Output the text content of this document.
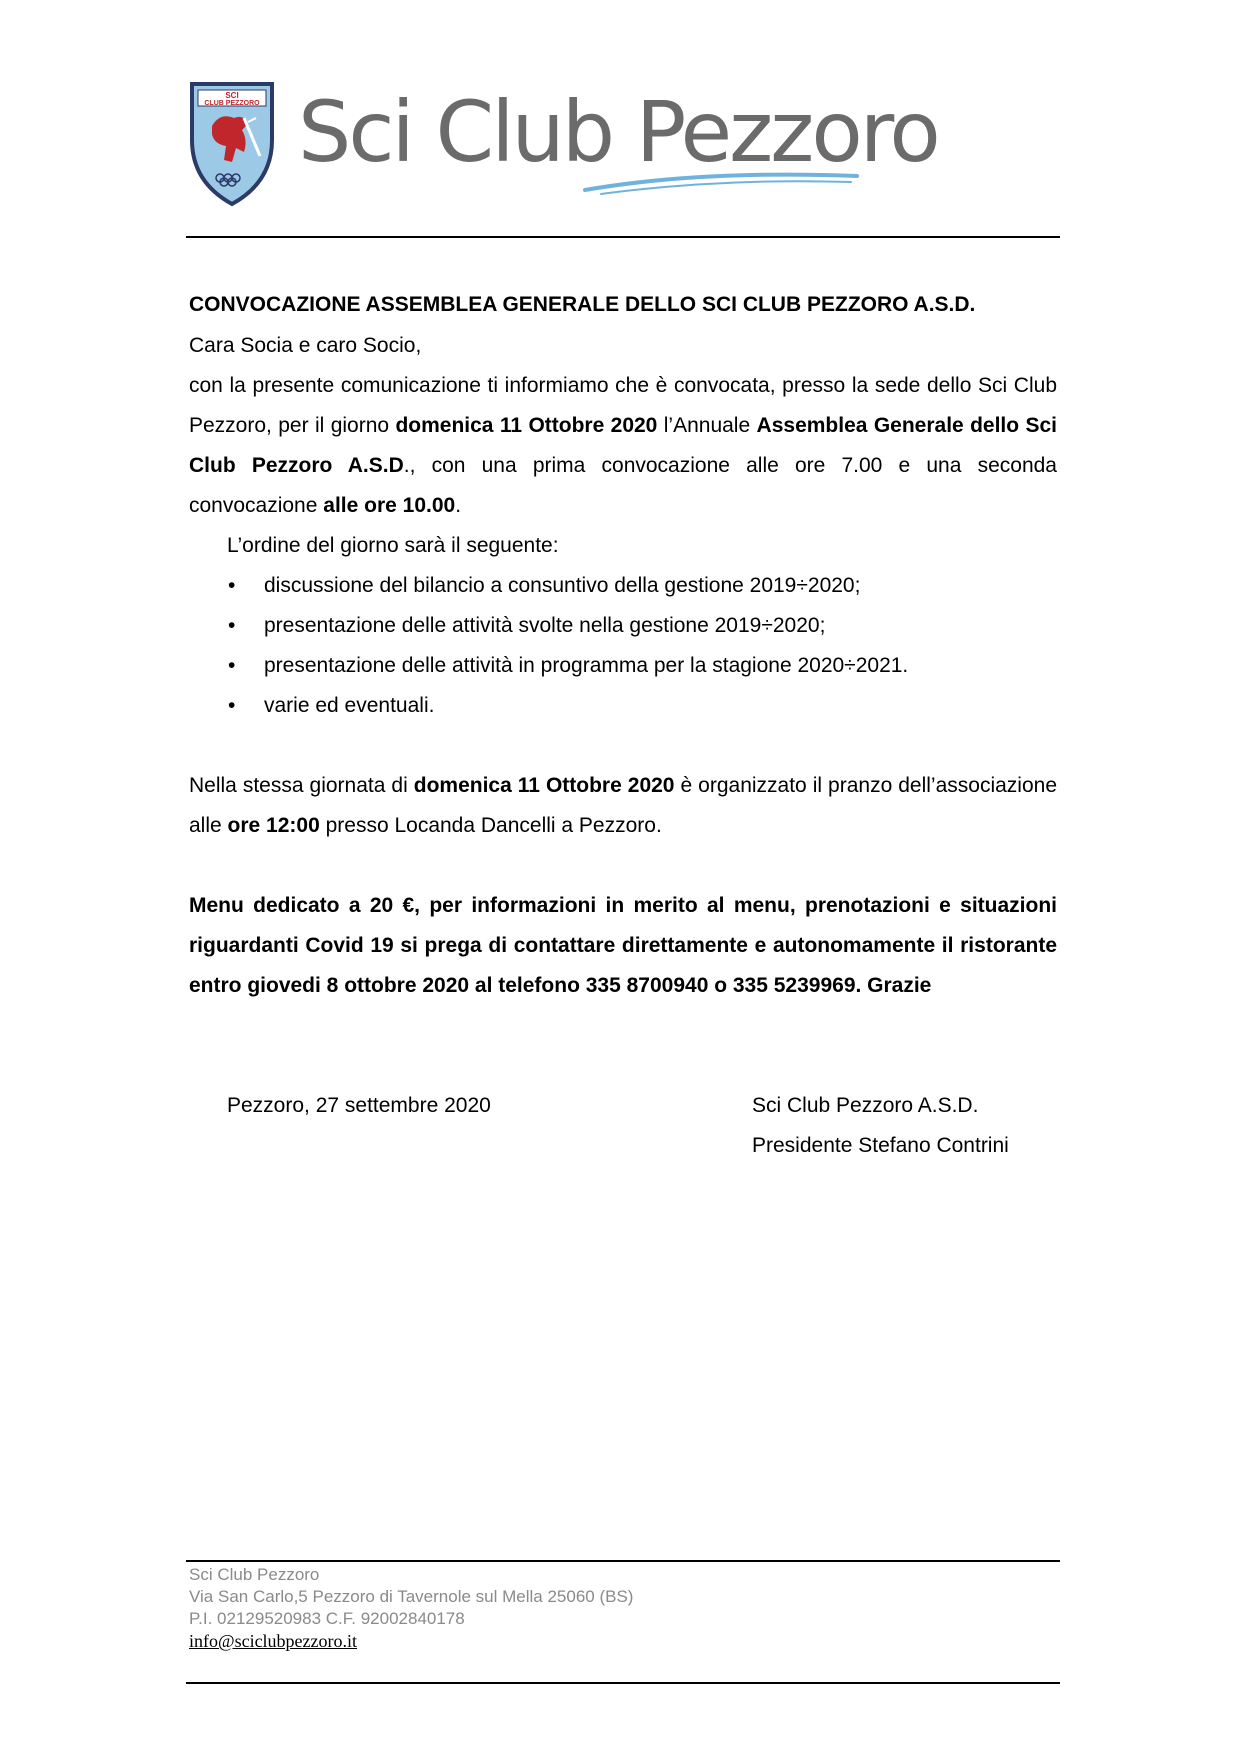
SCI
CLUB PEZZORO Sci Club Pezzoro

CONVOCAZIONE ASSEMBLEA GENERALE DELLO SCI CLUB PEZZORO A.S.D.

Cara Socia e caro Socio,

con la presente comunicazione ti informiamo che è convocata, presso la sede dello Sci Club Pezzoro, per il giorno domenica 11 Ottobre 2020 l’Annuale Assemblea Generale dello Sci Club Pezzoro A.S.D., con una prima convocazione alle ore 7.00 e una seconda convocazione alle ore 10.00.

L’ordine del giorno sarà il seguente:

• discussione del bilancio a consuntivo della gestione 2019÷2020;
• presentazione delle attività svolte nella gestione 2019÷2020;
• presentazione delle attività in programma per la stagione 2020÷2021.
• varie ed eventuali.

Nella stessa giornata di domenica 11 Ottobre 2020 è organizzato il pranzo dell’associazione alle ore 12:00 presso Locanda Dancelli a Pezzoro.

Menu dedicato a 20 €, per informazioni in merito al menu, prenotazioni e situazioni riguardanti Covid 19 si prega di contattare direttamente e autonomamente il ristorante entro giovedi 8 ottobre 2020 al telefono 335 8700940 o 335 5239969. Grazie

Pezzoro, 27 settembre 2020	Sci Club Pezzoro A.S.D.
Presidente Stefano Contrini
Sci Club Pezzoro
Via San Carlo,5 Pezzoro di Tavernole sul Mella 25060 (BS)
P.I. 02129520983 C.F. 92002840178
info@sciclubpezzoro.it
